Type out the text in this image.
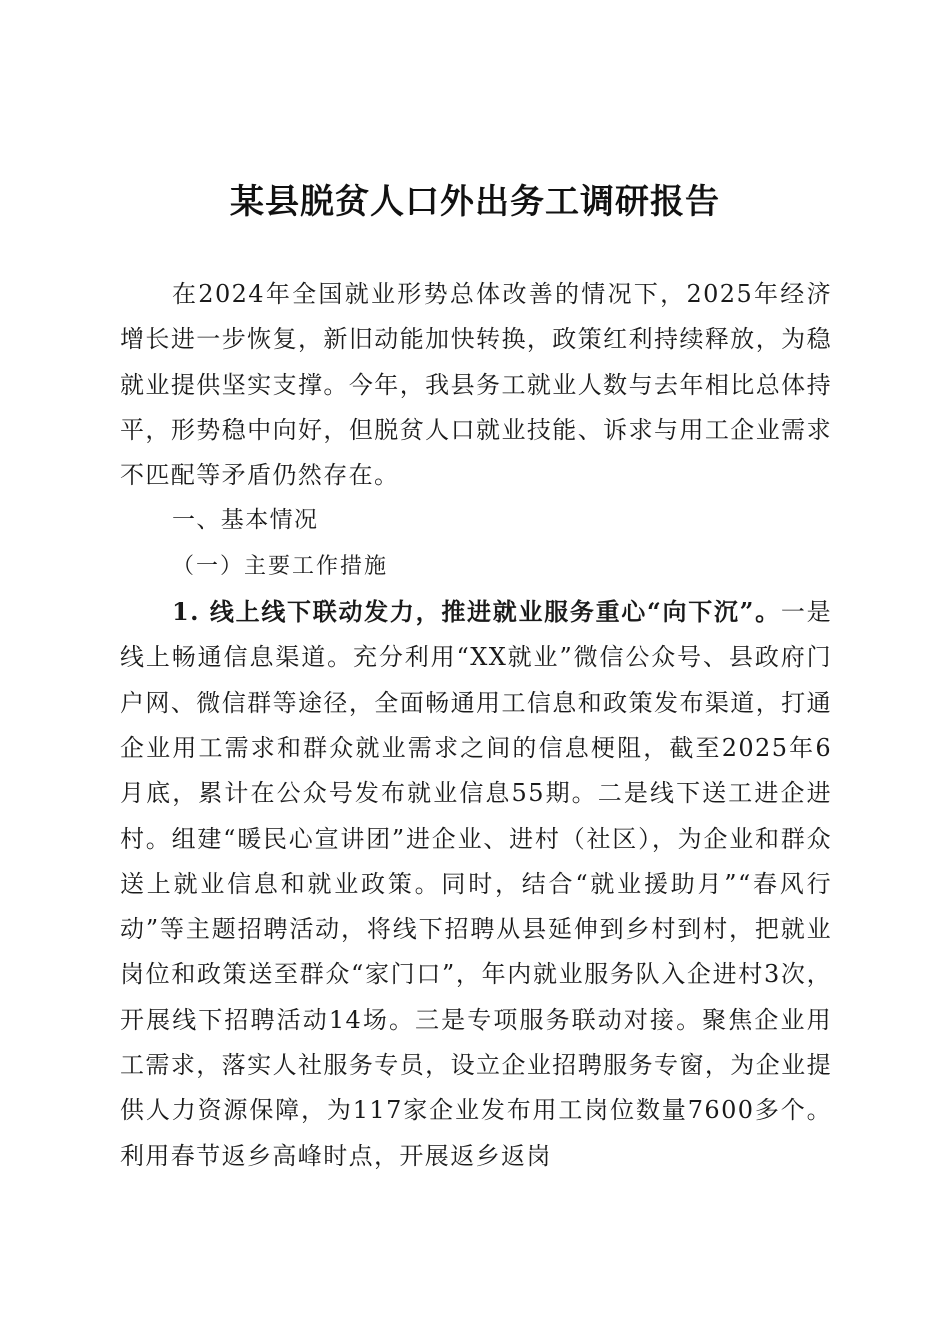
某县脱贫人口外出务工调研报告

在2024年全国就业形势总体改善的情况下，2025年经济增长进一步恢复，新旧动能加快转换，政策红利持续释放，为稳就业提供坚实支撑。今年，我县务工就业人数与去年相比总体持平，形势稳中向好，但脱贫人口就业技能、诉求与用工企业需求不匹配等矛盾仍然存在。

一、基本情况

（一）主要工作措施

1. 线上线下联动发力，推进就业服务重心“向下沉”。一是线上畅通信息渠道。充分利用“XX就业”微信公众号、县政府门户网、微信群等途径，全面畅通用工信息和政策发布渠道，打通企业用工需求和群众就业需求之间的信息梗阻，截至2025年6月底，累计在公众号发布就业信息55期。二是线下送工进企进村。组建“暖民心宣讲团”进企业、进村（社区），为企业和群众送上就业信息和就业政策。同时，结合“就业援助月”“春风行动”等主题招聘活动，将线下招聘从县延伸到乡村到村，把就业岗位和政策送至群众“家门口”，年内就业服务队入企进村3次，开展线下招聘活动14场。三是专项服务联动对接。聚焦企业用工需求，落实人社服务专员，设立企业招聘服务专窗，为企业提供人力资源保障，为117家企业发布用工岗位数量7600多个。利用春节返乡高峰时点，开展返乡返岗
